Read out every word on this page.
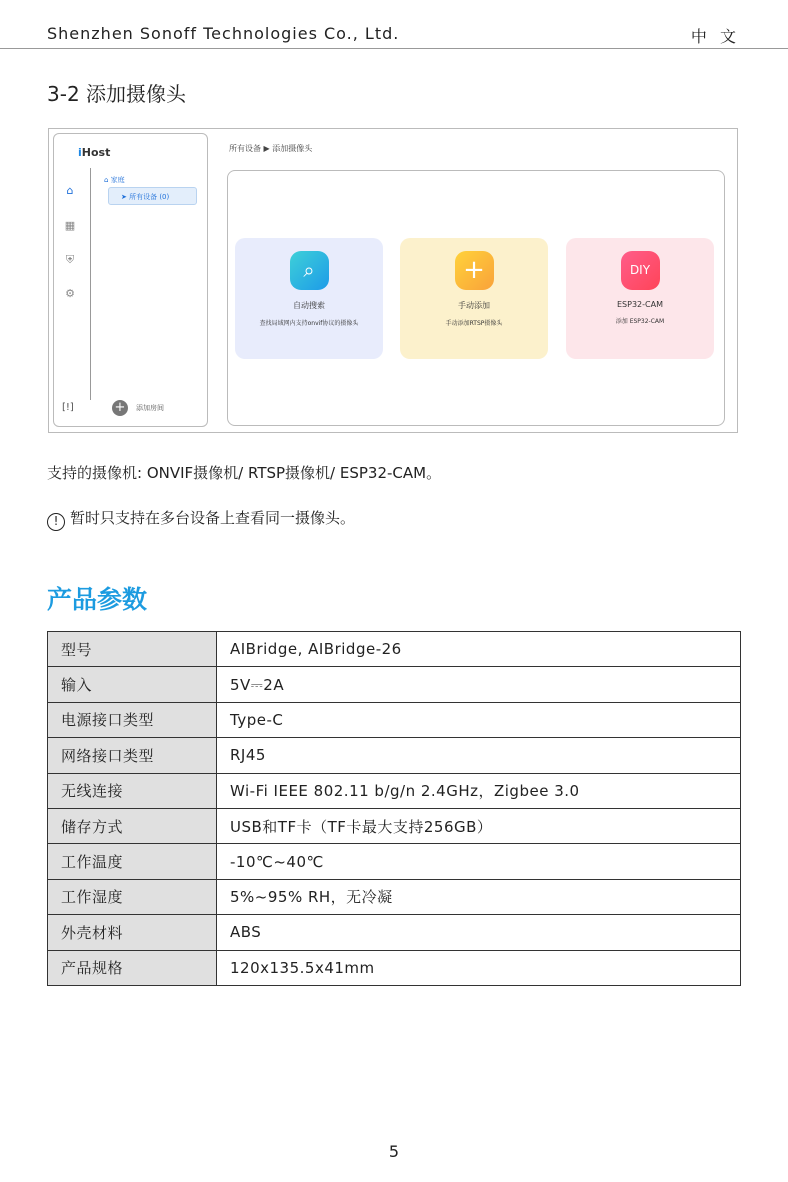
Shenzhen Sonoff Technologies Co., Ltd.	中 文
3-2 添加摄像头
iHost
⌂
▦
⛨
⚙
⌂ 家庭
➤ 所有设备 (0)
[!]	+	添加房间
所有设备 ▶ 添加摄像头
⌕
自动搜索
查找局域网内支持onvif协议的摄像头
+
手动添加
手动添加RTSP摄像头
DIY
ESP32-CAM
添加 ESP32-CAM
支持的摄像机: ONVIF摄像机/ RTSP摄像机/ ESP32-CAM。
! 暂时只支持在多台设备上查看同一摄像头。
产品参数
型号	AIBridge, AIBridge-26
输入	5V⎓2A
电源接口类型	Type-C
网络接口类型	RJ45
无线连接	Wi-Fi IEEE 802.11 b/g/n 2.4GHz，Zigbee 3.0
储存方式	USB和TF卡（TF卡最大支持256GB）
工作温度	-10℃~40℃
工作湿度	5%~95% RH，无冷凝
外壳材料	ABS
产品规格	120x135.5x41mm
5
